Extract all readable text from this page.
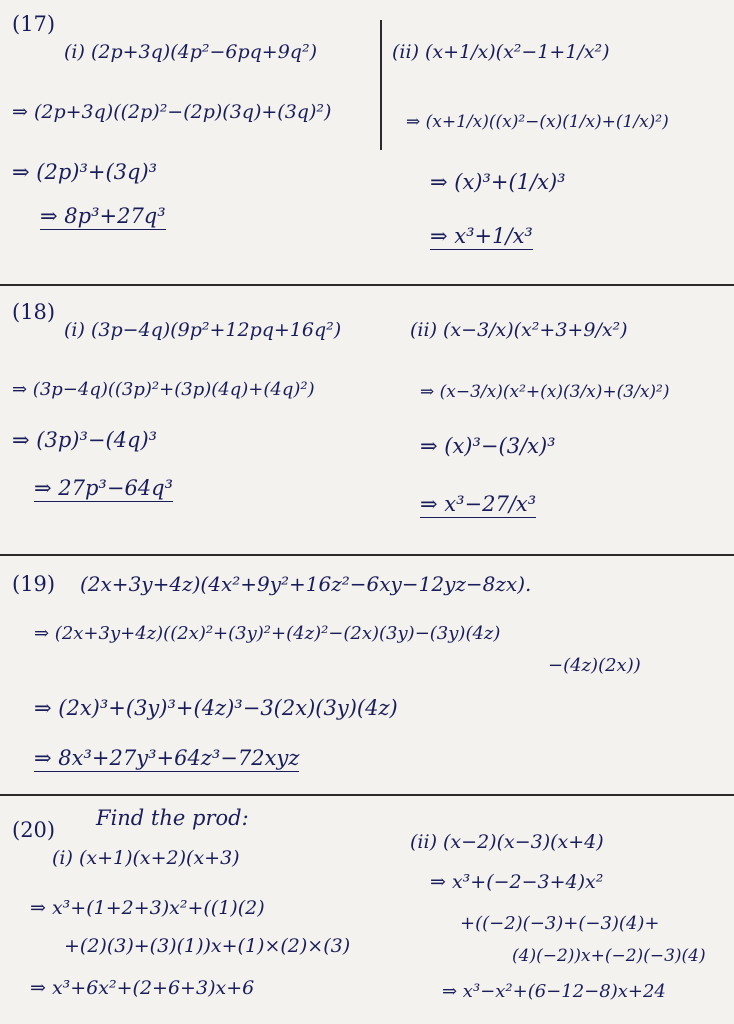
(17)
(i) (2p+3q)(4p²−6pq+9q²)
⇒ (2p+3q)((2p)²−(2p)(3q)+(3q)²)
⇒ (2p)³+(3q)³
⇒ 8p³+27q³
(ii) (x+1/x)(x²−1+1/x²)
⇒ (x+1/x)((x)²−(x)(1/x)+(1/x)²)
⇒ (x)³+(1/x)³
⇒ x³+1/x³
(18)
(i) (3p−4q)(9p²+12pq+16q²)
⇒ (3p−4q)((3p)²+(3p)(4q)+(4q)²)
⇒ (3p)³−(4q)³
⇒ 27p³−64q³
(ii) (x−3/x)(x²+3+9/x²)
⇒ (x−3/x)(x²+(x)(3/x)+(3/x)²)
⇒ (x)³−(3/x)³
⇒ x³−27/x³
(19) (2x+3y+4z)(4x²+9y²+16z²−6xy−12yz−8zx).
⇒ (2x+3y+4z)((2x)²+(3y)²+(4z)²−(2x)(3y)−(3y)(4z)
−(4z)(2x))
⇒ (2x)³+(3y)³+(4z)³−3(2x)(3y)(4z)
⇒ 8x³+27y³+64z³−72xyz
(20) Find the prod:
(i) (x+1)(x+2)(x+3)
⇒ x³+(1+2+3)x²+((1)(2)
+(2)(3)+(3)(1))x+(1)×(2)×(3)
⇒ x³+6x²+(2+6+3)x+6
(ii) (x−2)(x−3)(x+4)
⇒ x³+(−2−3+4)x²
+((−2)(−3)+(−3)(4)+
(4)(−2))x+(−2)(−3)(4)
⇒ x³−x²+(6−12−8)x+24
